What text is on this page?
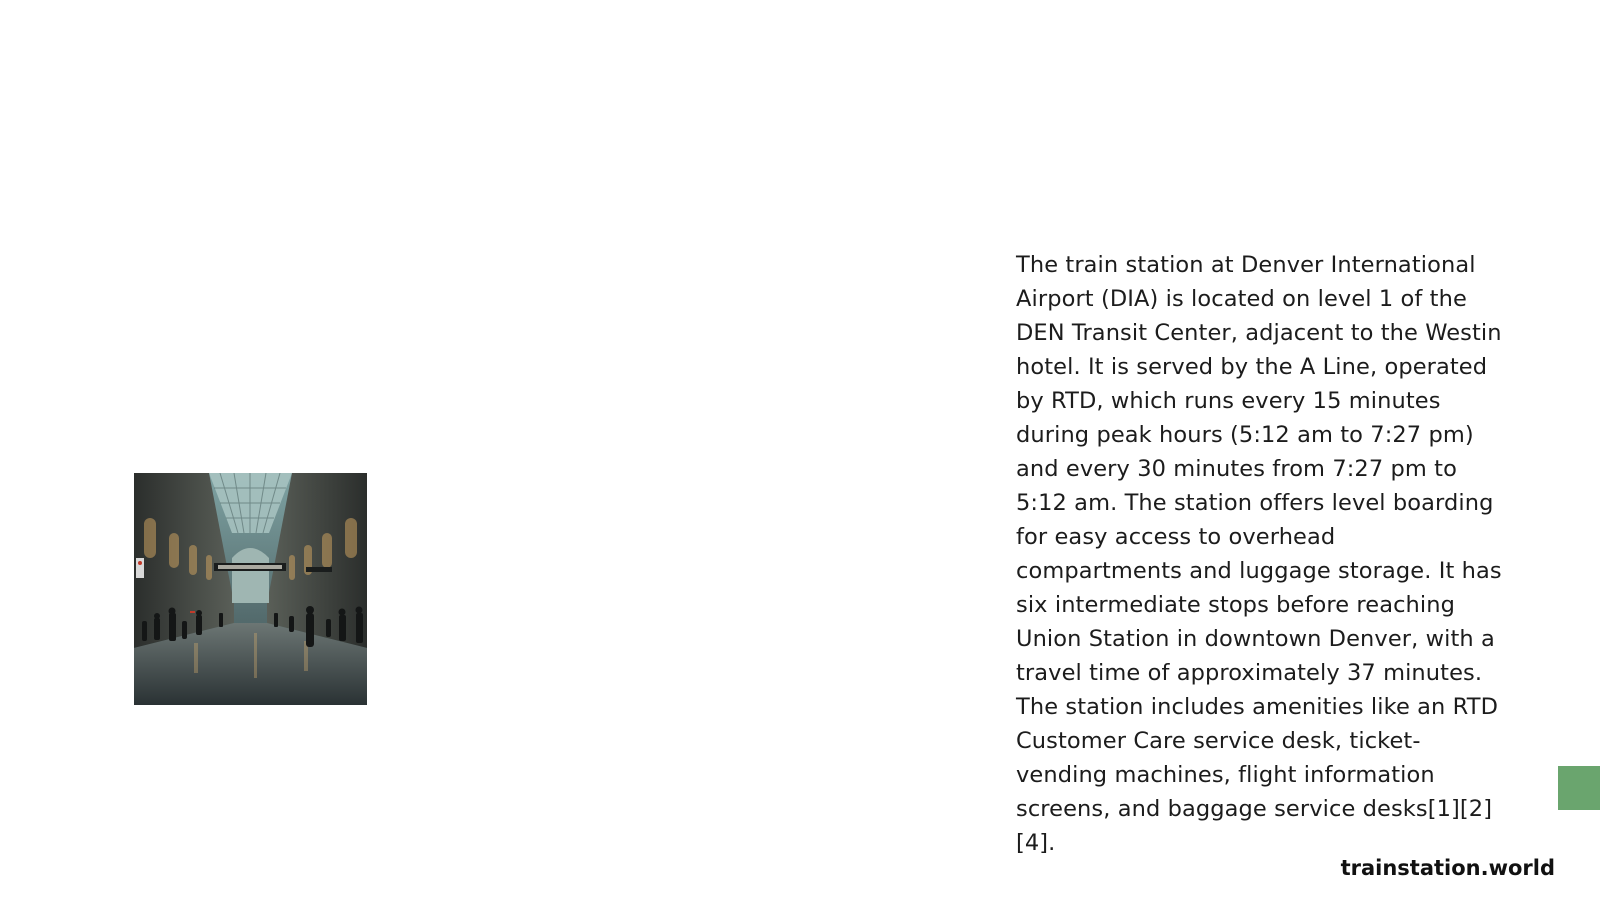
The train station at Denver International Airport (DIA) is located on level 1 of the DEN Transit Center, adjacent to the Westin hotel. It is served by the A Line, operated by RTD, which runs every 15 minutes during peak hours (5:12 am to 7:27 pm) and every 30 minutes from 7:27 pm to 5:12 am. The station offers level boarding for easy access to overhead compartments and luggage storage. It has six intermediate stops before reaching Union Station in downtown Denver, with a travel time of approximately 37 minutes. The station includes amenities like an RTD Customer Care service desk, ticket-vending machines, flight information screens, and baggage service desks[1][2][4].

trainstation.world
